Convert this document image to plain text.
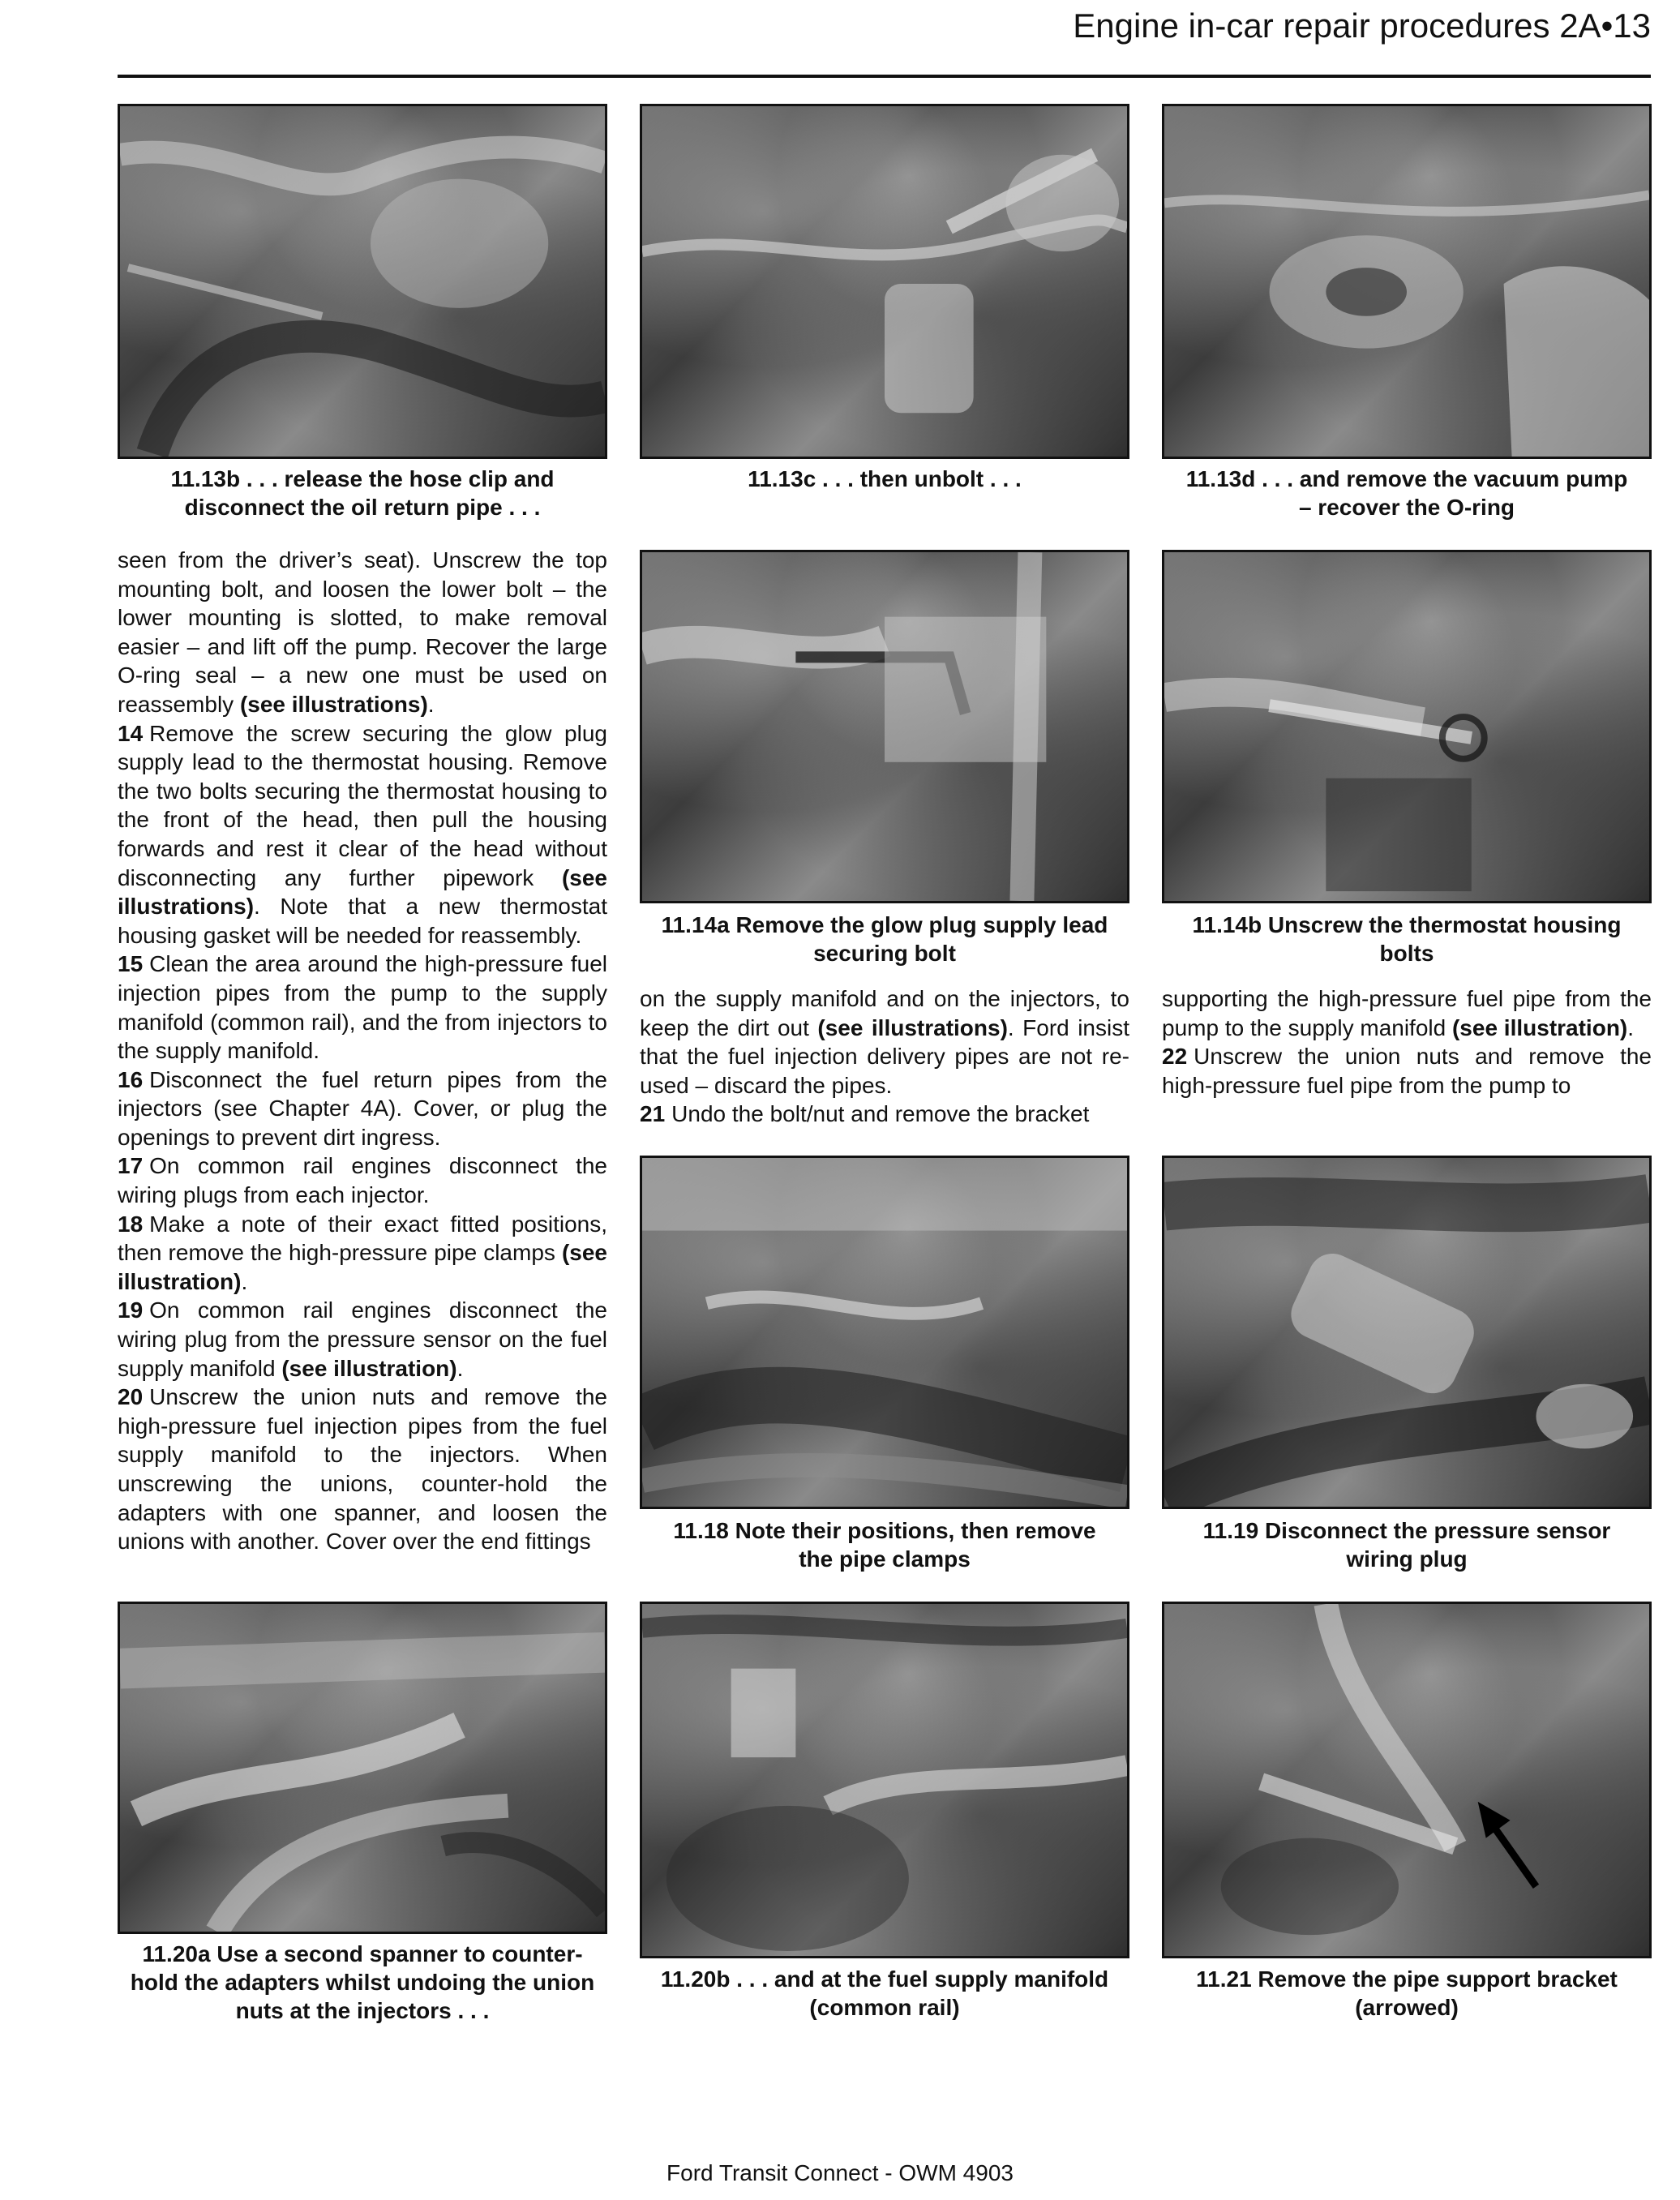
Engine in-car repair procedures 2A•13
11.13b . . . release the hose clip and
disconnect the oil return pipe . . .
11.13c . . . then unbolt . . .	11.13d . . . and remove the vacuum pump
– recover the O-ring

seen from the driver’s seat). Unscrew the top mounting bolt, and loosen the lower bolt – the lower mounting is slotted, to make removal easier – and lift off the pump. Recover the large O-ring seal – a new one must be used on reassembly (see illustrations).

14 Remove the screw securing the glow plug supply lead to the thermostat housing. Remove the two bolts securing the thermostat housing to the front of the head, then pull the housing forwards and rest it clear of the head without disconnecting any further pipework (see illustrations). Note that a new thermostat housing gasket will be needed for reassembly.

15 Clean the area around the high-pressure fuel injection pipes from the pump to the supply manifold (common rail), and the from injectors to the supply manifold.

16 Disconnect the fuel return pipes from the injectors (see Chapter 4A). Cover, or plug the openings to prevent dirt ingress.

17 On common rail engines disconnect the wiring plugs from each injector.

18 Make a note of their exact fitted positions, then remove the high-pressure pipe clamps (see illustration).

19 On common rail engines disconnect the wiring plug from the pressure sensor on the fuel supply manifold (see illustration).

20 Unscrew the union nuts and remove the high-pressure fuel injection pipes from the fuel supply manifold to the injectors. When unscrewing the unions, counter-hold the adapters with one spanner, and loosen the unions with another. Cover over the end fittings

11.14a Remove the glow plug supply lead
securing bolt
11.14b Unscrew the thermostat housing
bolts

on the supply manifold and on the injectors, to keep the dirt out (see illustrations). Ford insist that the fuel injection delivery pipes are not re-used – discard the pipes.

21 Undo the bolt/nut and remove the bracket

supporting the high-pressure fuel pipe from the pump to the supply manifold (see illustration).

22 Unscrew the union nuts and remove the high-pressure fuel pipe from the pump to

11.18 Note their positions, then remove
the pipe clamps
11.19 Disconnect the pressure sensor
wiring plug
11.20a Use a second spanner to counter-
hold the adapters whilst undoing the union
nuts at the injectors . . .
11.20b . . . and at the fuel supply manifold
(common rail)
11.21 Remove the pipe support bracket
(arrowed)
Ford Transit Connect - OWM 4903
